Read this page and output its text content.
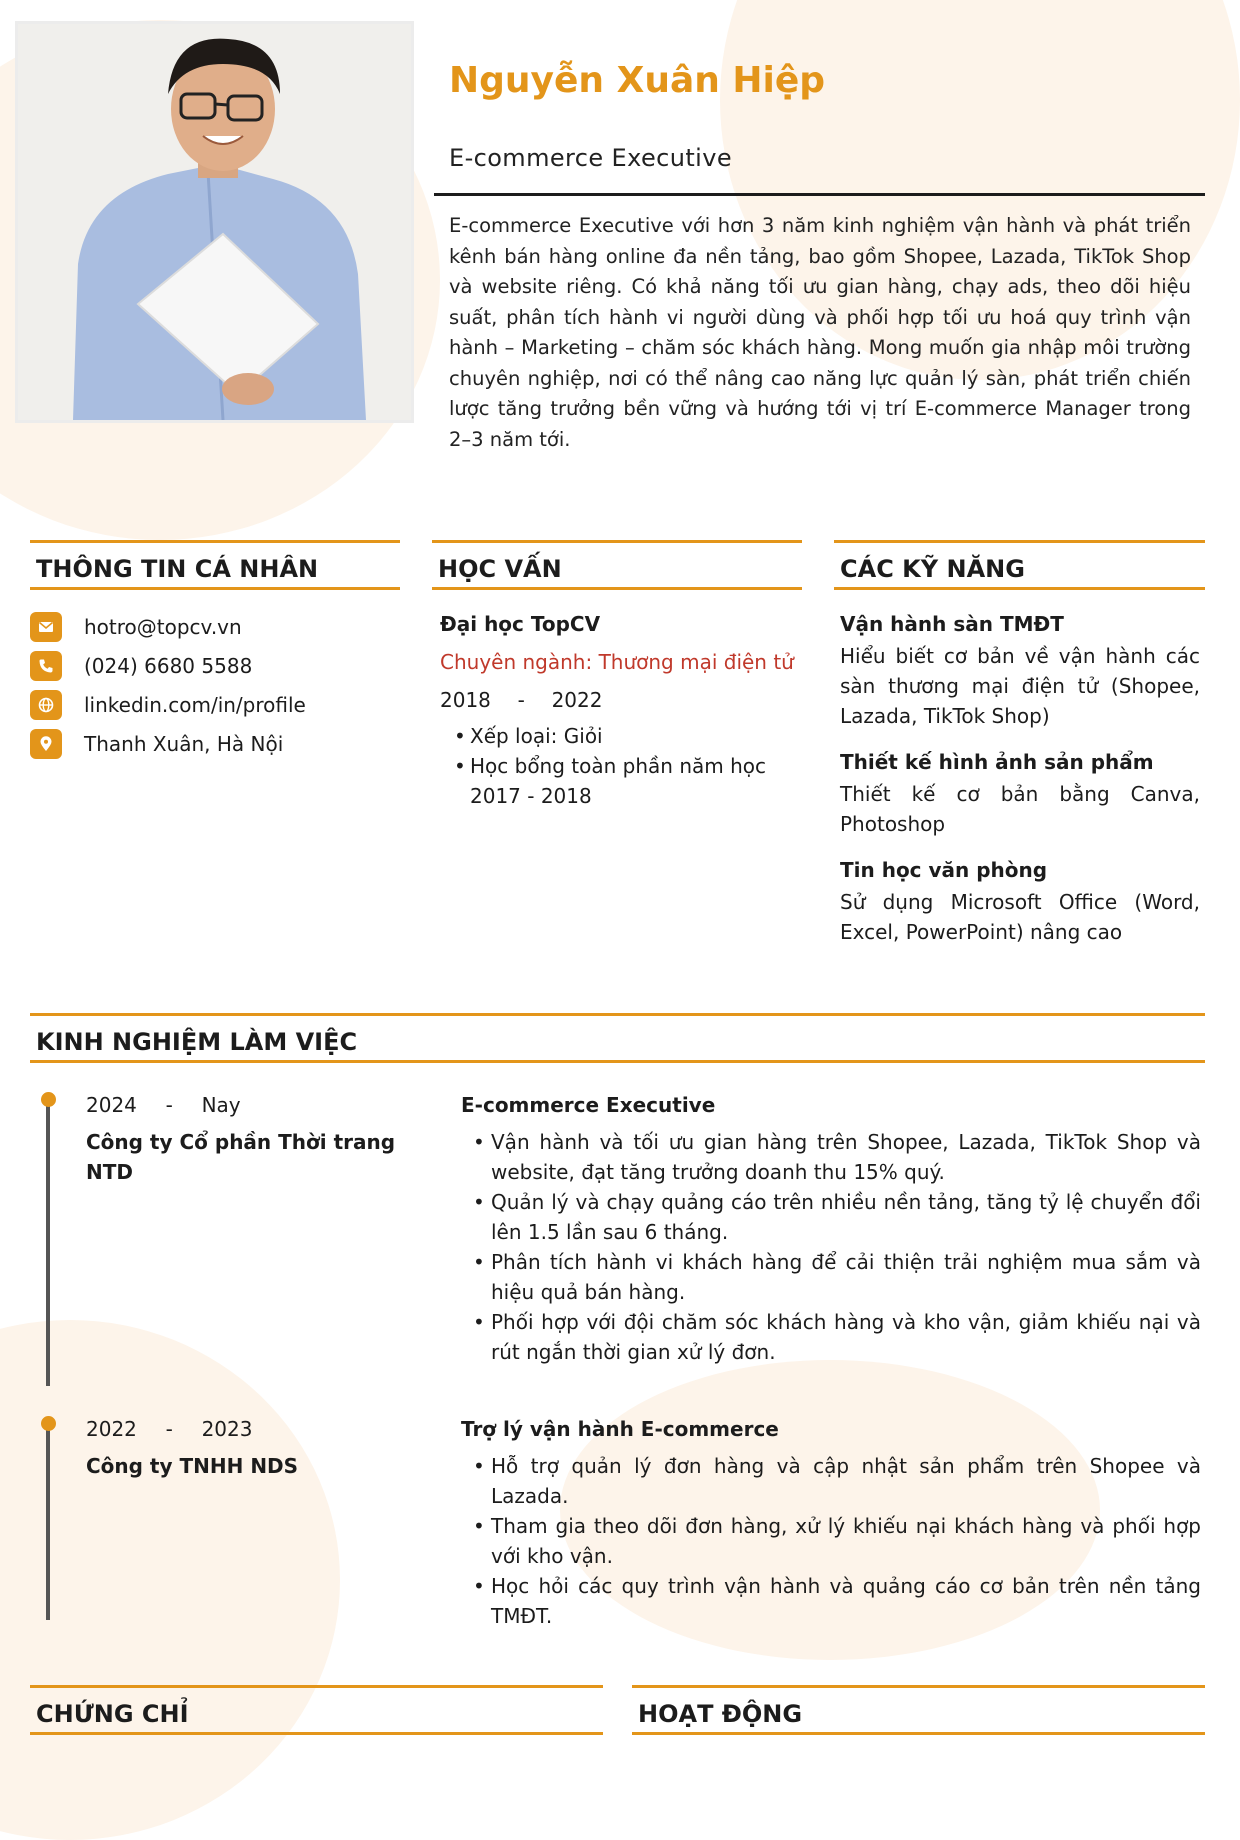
Nguyễn Xuân Hiệp
E-commerce Executive
E-commerce Executive với hơn 3 năm kinh nghiệm vận hành và phát triển kênh bán hàng online đa nền tảng, bao gồm Shopee, Lazada, TikTok Shop và website riêng. Có khả năng tối ưu gian hàng, chạy ads, theo dõi hiệu suất, phân tích hành vi người dùng và phối hợp tối ưu hoá quy trình vận hành – Marketing – chăm sóc khách hàng. Mong muốn gia nhập môi trường chuyên nghiệp, nơi có thể nâng cao năng lực quản lý sàn, phát triển chiến lược tăng trưởng bền vững và hướng tới vị trí E-commerce Manager trong 2–3 năm tới.
THÔNG TIN CÁ NHÂN
hotro@topcv.vn
(024) 6680 5588
linkedin.com/in/profile
Thanh Xuân, Hà Nội
HỌC VẤN
Đại học TopCV
Chuyên ngành: Thương mại điện tử
2018 - 2022
• Xếp loại: Giỏi
• Học bổng toàn phần năm học 2017 - 2018
CÁC KỸ NĂNG
Vận hành sàn TMĐT
Hiểu biết cơ bản về vận hành các sàn thương mại điện tử (Shopee, Lazada, TikTok Shop)
Thiết kế hình ảnh sản phẩm
Thiết kế cơ bản bằng Canva, Photoshop
Tin học văn phòng
Sử dụng Microsoft Office (Word, Excel, PowerPoint) nâng cao
KINH NGHIỆM LÀM VIỆC
2024 - Nay
Công ty Cổ phần Thời trang NTD
E-commerce Executive
• Vận hành và tối ưu gian hàng trên Shopee, Lazada, TikTok Shop và website, đạt tăng trưởng doanh thu 15% quý.
• Quản lý và chạy quảng cáo trên nhiều nền tảng, tăng tỷ lệ chuyển đổi lên 1.5 lần sau 6 tháng.
• Phân tích hành vi khách hàng để cải thiện trải nghiệm mua sắm và hiệu quả bán hàng.
• Phối hợp với đội chăm sóc khách hàng và kho vận, giảm khiếu nại và rút ngắn thời gian xử lý đơn.
2022 - 2023
Công ty TNHH NDS
Trợ lý vận hành E-commerce
• Hỗ trợ quản lý đơn hàng và cập nhật sản phẩm trên Shopee và Lazada.
• Tham gia theo dõi đơn hàng, xử lý khiếu nại khách hàng và phối hợp với kho vận.
• Học hỏi các quy trình vận hành và quảng cáo cơ bản trên nền tảng TMĐT.
CHỨNG CHỈ	HOẠT ĐỘNG
